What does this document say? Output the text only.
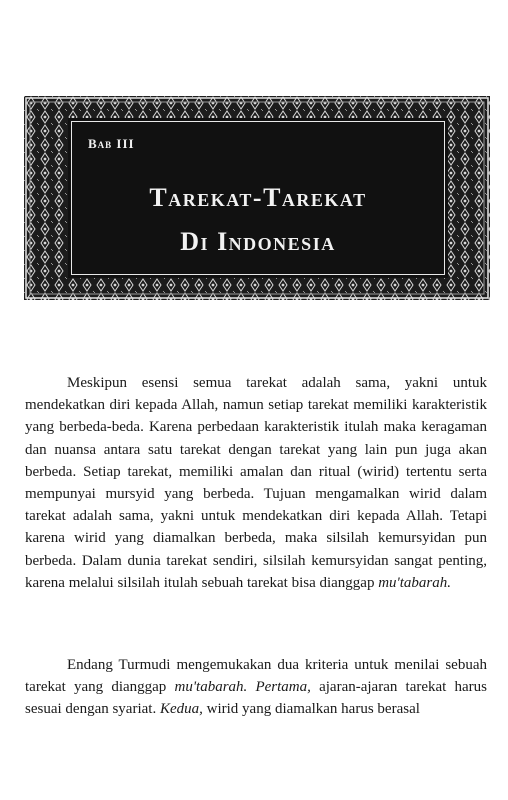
Bab III
Tarekat-Tarekat
Di Indonesia

Meskipun esensi semua tarekat adalah sama, yakni untuk mendekatkan diri kepada Allah, namun setiap tarekat memiliki karakteristik yang berbeda-beda. Karena perbedaan karakteristik itulah maka keragaman dan nuansa antara satu tarekat dengan tarekat yang lain pun juga akan berbeda. Setiap tarekat, memiliki amalan dan ritual (wirid) tertentu serta mempunyai mursyid yang berbeda. Tujuan mengamalkan wirid dalam tarekat adalah sama, yakni untuk mendekatkan diri kepada Allah. Tetapi karena wirid yang diamalkan berbeda, maka silsilah kemursyidan pun berbeda. Dalam dunia tarekat sendiri, silsilah kemursyidan sangat penting, karena melalui silsilah itulah sebuah tarekat bisa dianggap mu'tabarah.

Endang Turmudi mengemukakan dua kriteria untuk menilai sebuah tarekat yang dianggap mu'tabarah. Pertama, ajaran-ajaran tarekat harus sesuai dengan syariat. Kedua, wirid yang diamalkan harus berasal
